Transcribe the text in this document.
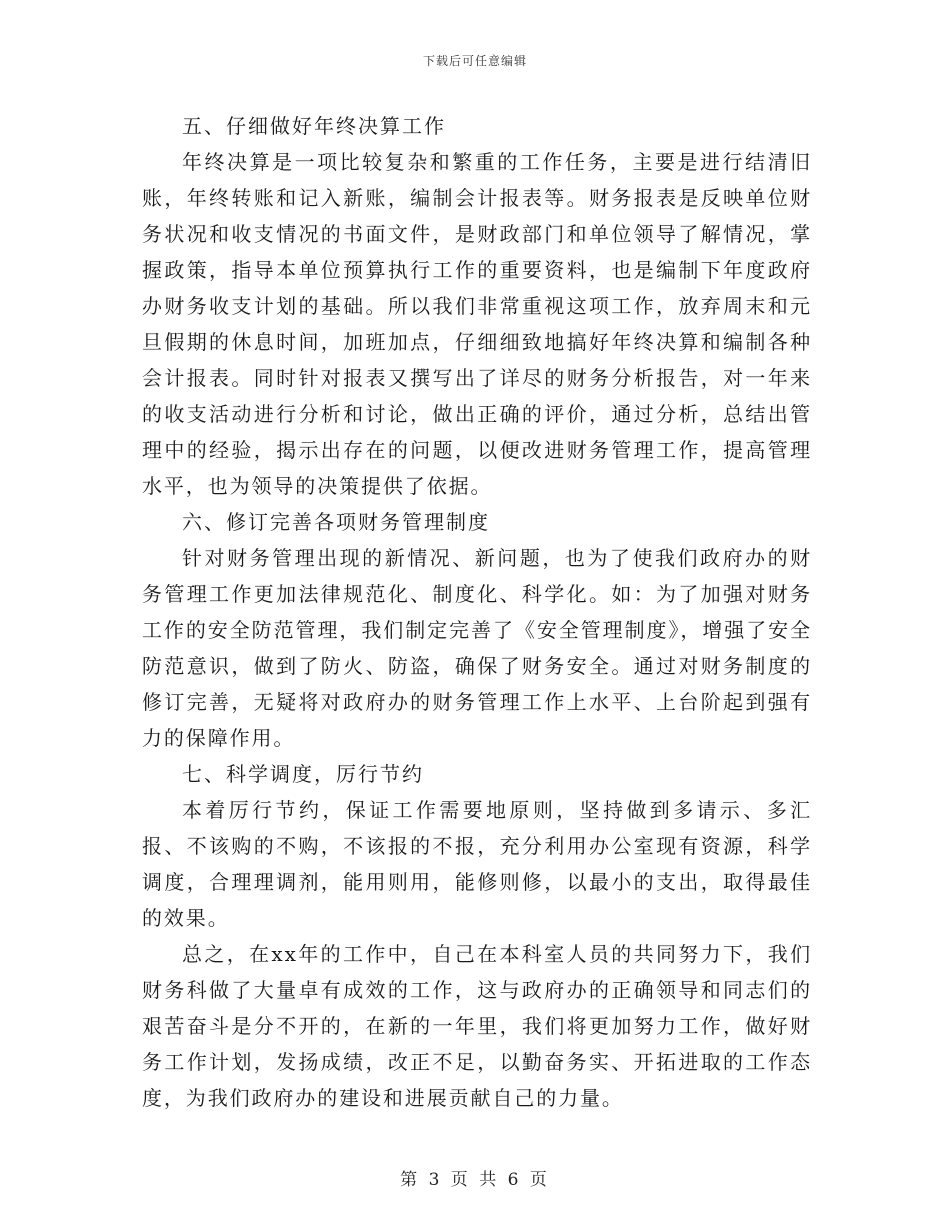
下载后可任意编辑

五、仔细做好年终决算工作

年终决算是一项比较复杂和繁重的工作任务，主要是进行结清旧账，年终转账和记入新账，编制会计报表等。财务报表是反映单位财务状况和收支情况的书面文件，是财政部门和单位领导了解情况，掌握政策，指导本单位预算执行工作的重要资料，也是编制下年度政府办财务收支计划的基础。所以我们非常重视这项工作，放弃周末和元旦假期的休息时间，加班加点，仔细细致地搞好年终决算和编制各种会计报表。同时针对报表又撰写出了详尽的财务分析报告，对一年来的收支活动进行分析和讨论，做出正确的评价，通过分析，总结出管理中的经验，揭示出存在的问题，以便改进财务管理工作，提高管理水平，也为领导的决策提供了依据。

六、修订完善各项财务管理制度

针对财务管理出现的新情况、新问题，也为了使我们政府办的财务管理工作更加法律规范化、制度化、科学化。如：为了加强对财务工作的安全防范管理，我们制定完善了《安全管理制度》，增强了安全防范意识，做到了防火、防盗，确保了财务安全。通过对财务制度的修订完善，无疑将对政府办的财务管理工作上水平、上台阶起到强有力的保障作用。

七、科学调度，厉行节约

本着厉行节约，保证工作需要地原则，坚持做到多请示、多汇报、不该购的不购，不该报的不报，充分利用办公室现有资源，科学调度，合理理调剂，能用则用，能修则修，以最小的支出，取得最佳的效果。

总之，在xx年的工作中，自己在本科室人员的共同努力下，我们财务科做了大量卓有成效的工作，这与政府办的正确领导和同志们的艰苦奋斗是分不开的，在新的一年里，我们将更加努力工作，做好财务工作计划，发扬成绩，改正不足，以勤奋务实、开拓进取的工作态度，为我们政府办的建设和进展贡献自己的力量。

第 3 页 共 6 页
